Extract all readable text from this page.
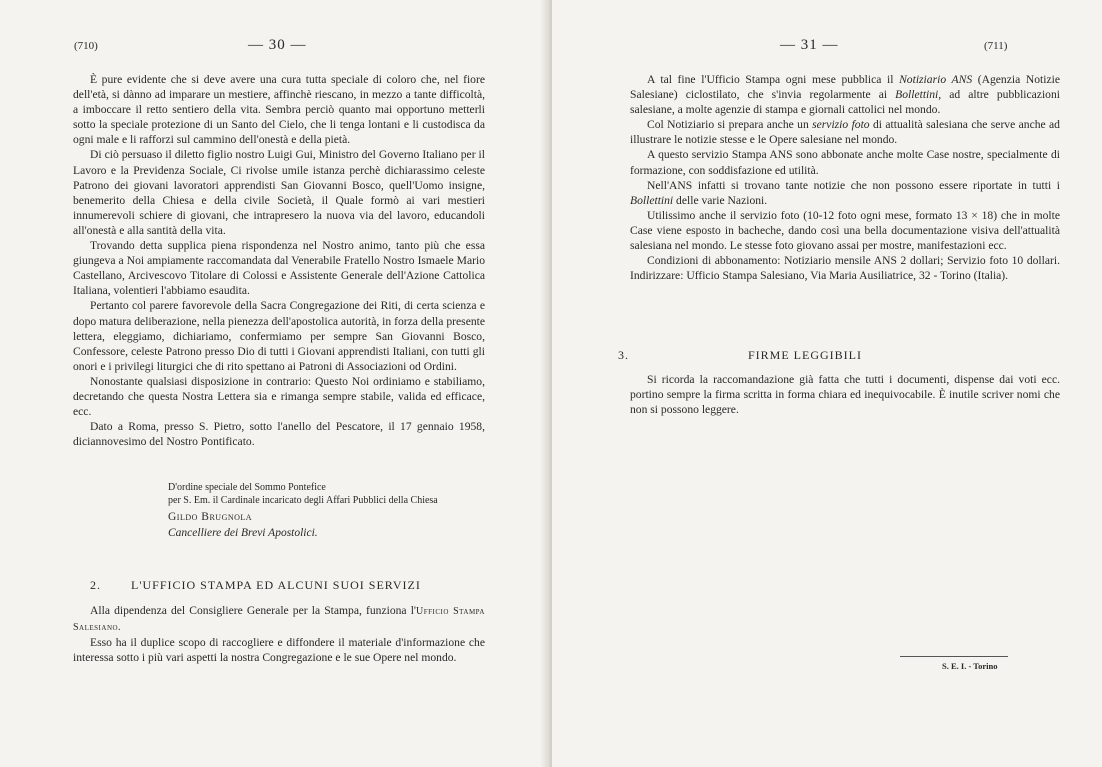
(710)	— 30 —

È pure evidente che si deve avere una cura tutta speciale di coloro che, nel fiore dell'età, si dànno ad imparare un mestiere, affinchè riescano, in mezzo a tante difficoltà, a imboccare il retto sentiero della vita. Sembra perciò quanto mai opportuno metterli sotto la speciale protezione di un Santo del Cielo, che li tenga lontani e li custodisca da ogni male e li rafforzi sul cammino dell'onestà e della pietà.

Di ciò persuaso il diletto figlio nostro Luigi Gui, Ministro del Governo Italiano per il Lavoro e la Previdenza Sociale, Ci rivolse umile istanza perchè dichiarassimo celeste Patrono dei giovani lavoratori apprendisti San Giovanni Bosco, quell'Uomo insigne, benemerito della Chiesa e della civile Società, il Quale formò ai vari mestieri innumerevoli schiere di giovani, che intrapresero la nuova via del lavoro, educandoli all'onestà e alla santità della vita.

Trovando detta supplica piena rispondenza nel Nostro animo, tanto più che essa giungeva a Noi ampiamente raccomandata dal Venerabile Fratello Nostro Ismaele Mario Castellano, Arcivescovo Titolare di Colossi e Assistente Generale dell'Azione Cattolica Italiana, volentieri l'abbiamo esaudita.

Pertanto col parere favorevole della Sacra Congregazione dei Riti, di certa scienza e dopo matura deliberazione, nella pienezza dell'apostolica autorità, in forza della presente lettera, eleggiamo, dichiariamo, confermiamo per sempre San Giovanni Bosco, Confessore, celeste Patrono presso Dio di tutti i Giovani apprendisti Italiani, con tutti gli onori e i privilegi liturgici che di rito spettano ai Patroni di Associazioni od Ordini.

Nonostante qualsiasi disposizione in contrario: Questo Noi ordiniamo e stabiliamo, decretando che questa Nostra Lettera sia e rimanga sempre stabile, valida ed efficace, ecc.

Dato a Roma, presso S. Pietro, sotto l'anello del Pescatore, il 17 gennaio 1958, diciannovesimo del Nostro Pontificato.

D'ordine speciale del Sommo Pontefice
per S. Em. il Cardinale incaricato degli Affari Pubblici della Chiesa
Gildo Brugnola
Cancelliere dei Brevi Apostolici.
2.	L'UFFICIO STAMPA ED ALCUNI SUOI SERVIZI

Alla dipendenza del Consigliere Generale per la Stampa, funziona l'Ufficio Stampa Salesiano.

Esso ha il duplice scopo di raccogliere e diffondere il materiale d'informazione che interessa sotto i più vari aspetti la nostra Congregazione e le sue Opere nel mondo.

— 31 —	(711)

A tal fine l'Ufficio Stampa ogni mese pubblica il Notiziario ANS (Agenzia Notizie Salesiane) ciclostilato, che s'invia regolarmente ai Bollettini, ad altre pubblicazioni salesiane, a molte agenzie di stampa e giornali cattolici nel mondo.

Col Notiziario si prepara anche un servizio foto di attualità salesiana che serve anche ad illustrare le notizie stesse e le Opere salesiane nel mondo.

A questo servizio Stampa ANS sono abbonate anche molte Case nostre, specialmente di formazione, con soddisfazione ed utilità.

Nell'ANS infatti si trovano tante notizie che non possono essere riportate in tutti i Bollettini delle varie Nazioni.

Utilissimo anche il servizio foto (10-12 foto ogni mese, formato 13 × 18) che in molte Case viene esposto in bacheche, dando così una bella documentazione visiva dell'attualità salesiana nel mondo. Le stesse foto giovano assai per mostre, manifestazioni ecc.

Condizioni di abbonamento: Notiziario mensile ANS 2 dollari; Servizio foto 10 dollari. Indirizzare: Ufficio Stampa Salesiano, Via Maria Ausiliatrice, 32 - Torino (Italia).

3.	FIRME LEGGIBILI

Si ricorda la raccomandazione già fatta che tutti i documenti, dispense dai voti ecc. portino sempre la firma scritta in forma chiara ed inequivocabile. È inutile scriver nomi che non si possono leggere.

S. E. I. - Torino
